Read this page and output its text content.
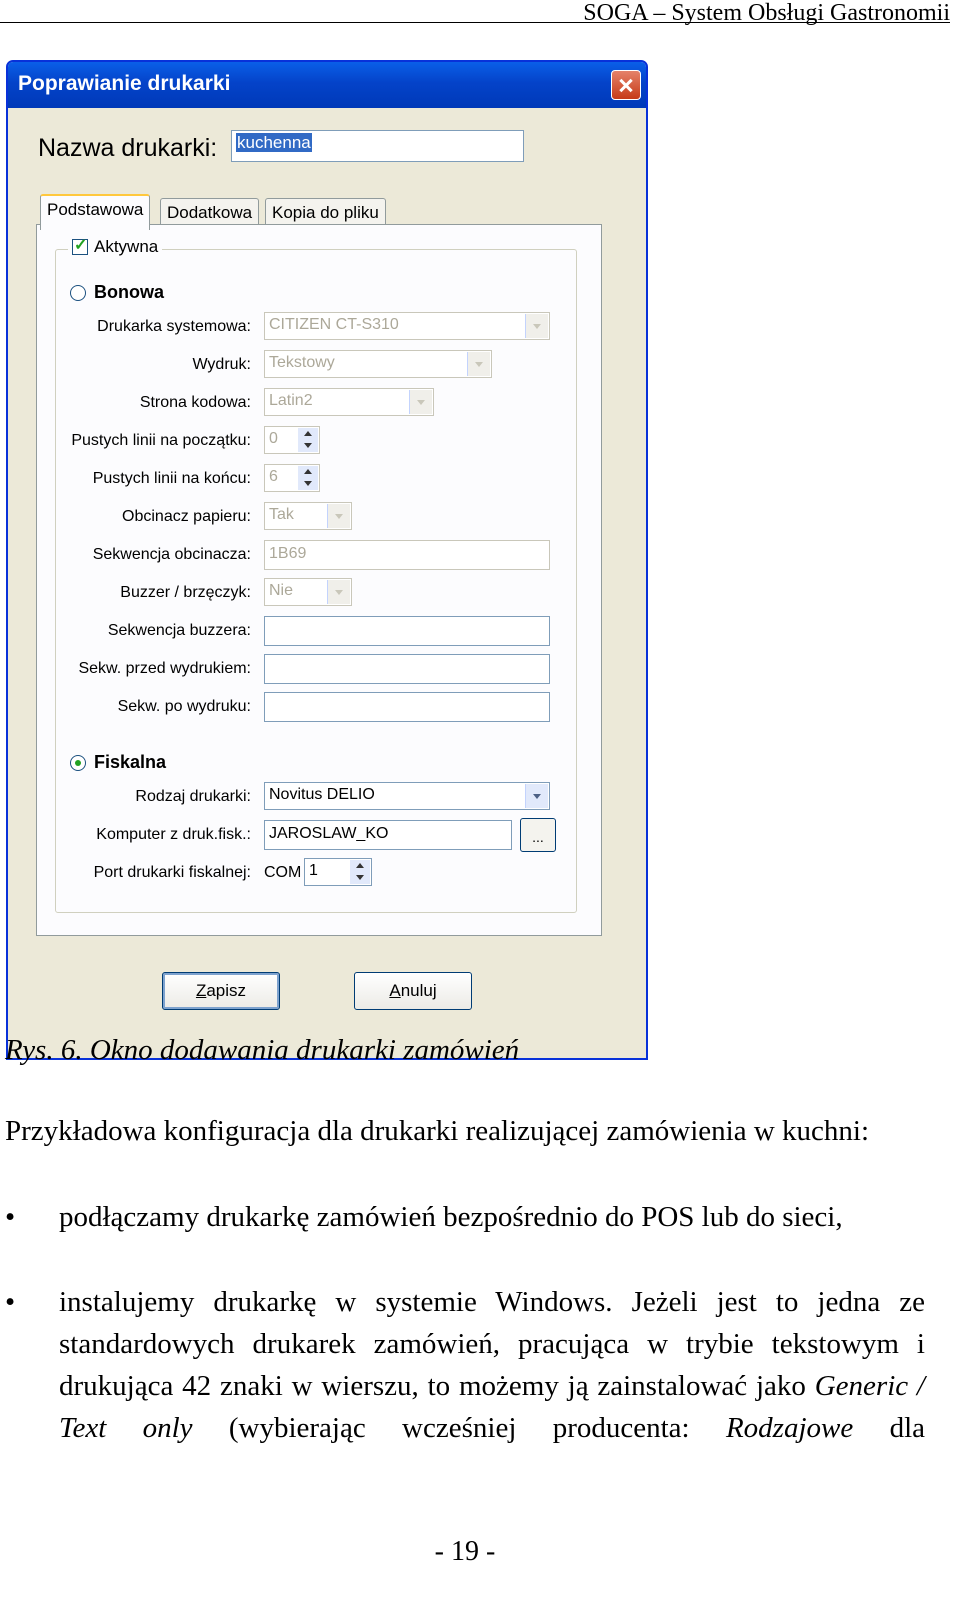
SOGA – System Obsługi Gastronomii
Poprawianie drukarki
Nazwa drukarki:	kuchenna
Podstawowa	Dodatkowa	Kopia do pliku
✓
Aktywna
Bonowa
Drukarka systemowa:	CITIZEN CT-S310
Wydruk:	Tekstowy
Strona kodowa:	Latin2
Pustych linii na początku:	0
Pustych linii na końcu:	6
Obcinacz papieru:	Tak
Sekwencja obcinacza:	1B69
Buzzer / brzęczyk:	Nie
Sekwencja buzzera:
Sekw. przed wydrukiem:
Sekw. po wydruku:
Fiskalna
Rodzaj drukarki:	Novitus DELIO
Komputer z druk.fisk.:	JAROSLAW_KO	...
Port drukarki fiskalnej: COM 1
Zapisz	Anuluj
Rys. 6. Okno dodawania drukarki zamówień
Przykładowa konfiguracja dla drukarki realizującej zamówienia w kuchni:
•	podłączamy drukarkę zamówień bezpośrednio do POS lub do sieci,
•	instalujemy drukarkę w systemie Windows. Jeżeli jest to jedna ze standardowych drukarek zamówień, pracująca w trybie tekstowym i drukująca 42 znaki w wierszu, to możemy ją zainstalować jako Generic / Text only (wybierając wcześniej producenta: Rodzajowe dla
- 19 -
